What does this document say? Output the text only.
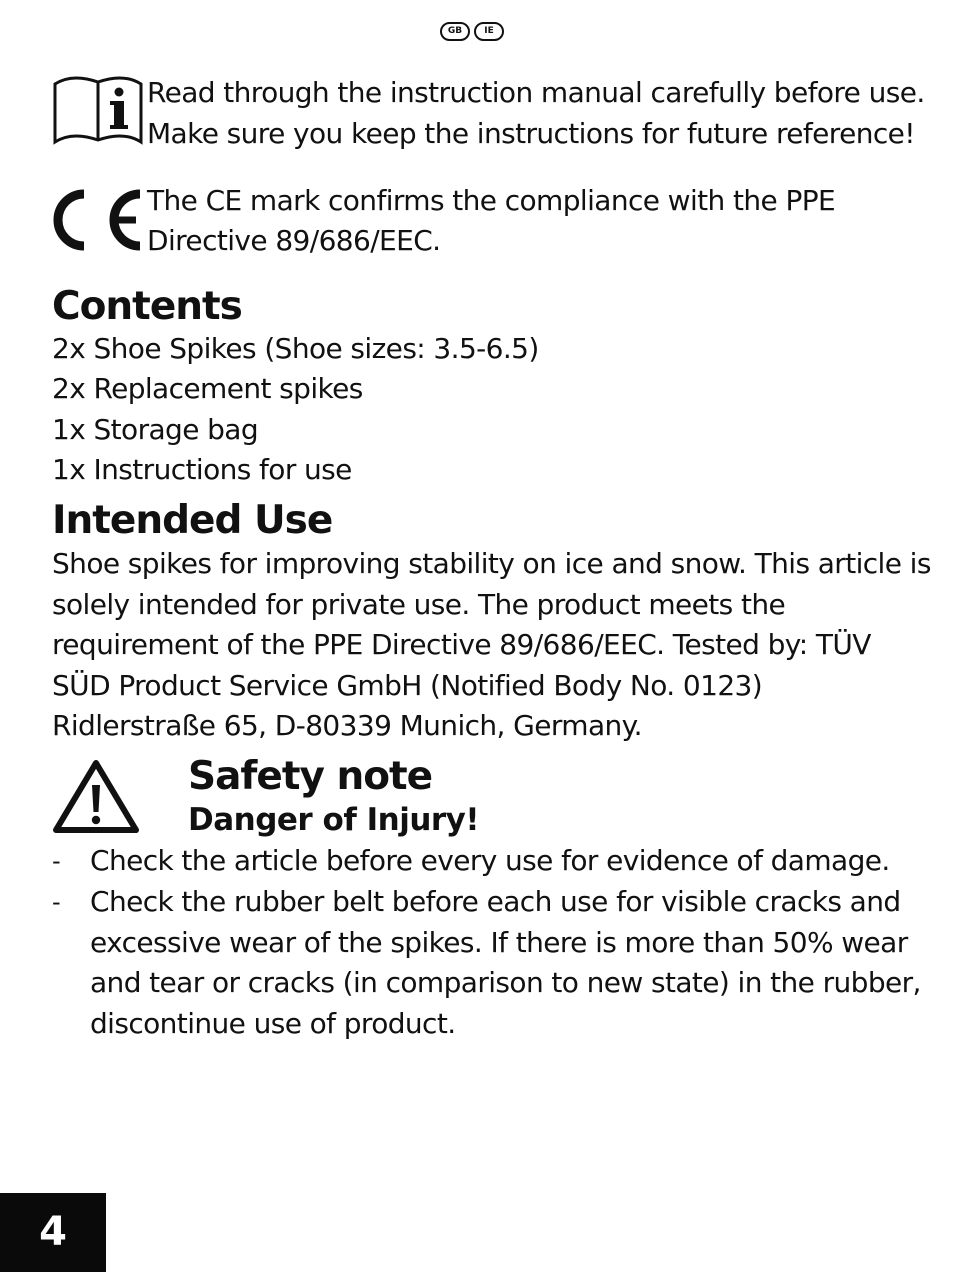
GB	IE
Read through the instruction manual carefully before use.
Make sure you keep the instructions for future reference!
The CE mark confirms the compliance with the PPE
Directive 89/686/EEC.
Contents
2x Shoe Spikes (Shoe sizes: 3.5-6.5)
2x Replacement spikes
1x Storage bag
1x Instructions for use
Intended Use
Shoe spikes for improving stability on ice and snow. This article is
solely intended for private use. The product meets the
requirement of the PPE Directive 89/686/EEC. Tested by: TÜV
SÜD Product Service GmbH (Notified Body No. 0123)
Ridlerstraße 65, D-80339 Munich, Germany.
Safety note
Danger of Injury!
-	Check the article before every use for evidence of damage.
-	Check the rubber belt before each use for visible cracks and
excessive wear of the spikes. If there is more than 50% wear
and tear or cracks (in comparison to new state) in the rubber,
discontinue use of product.
4
